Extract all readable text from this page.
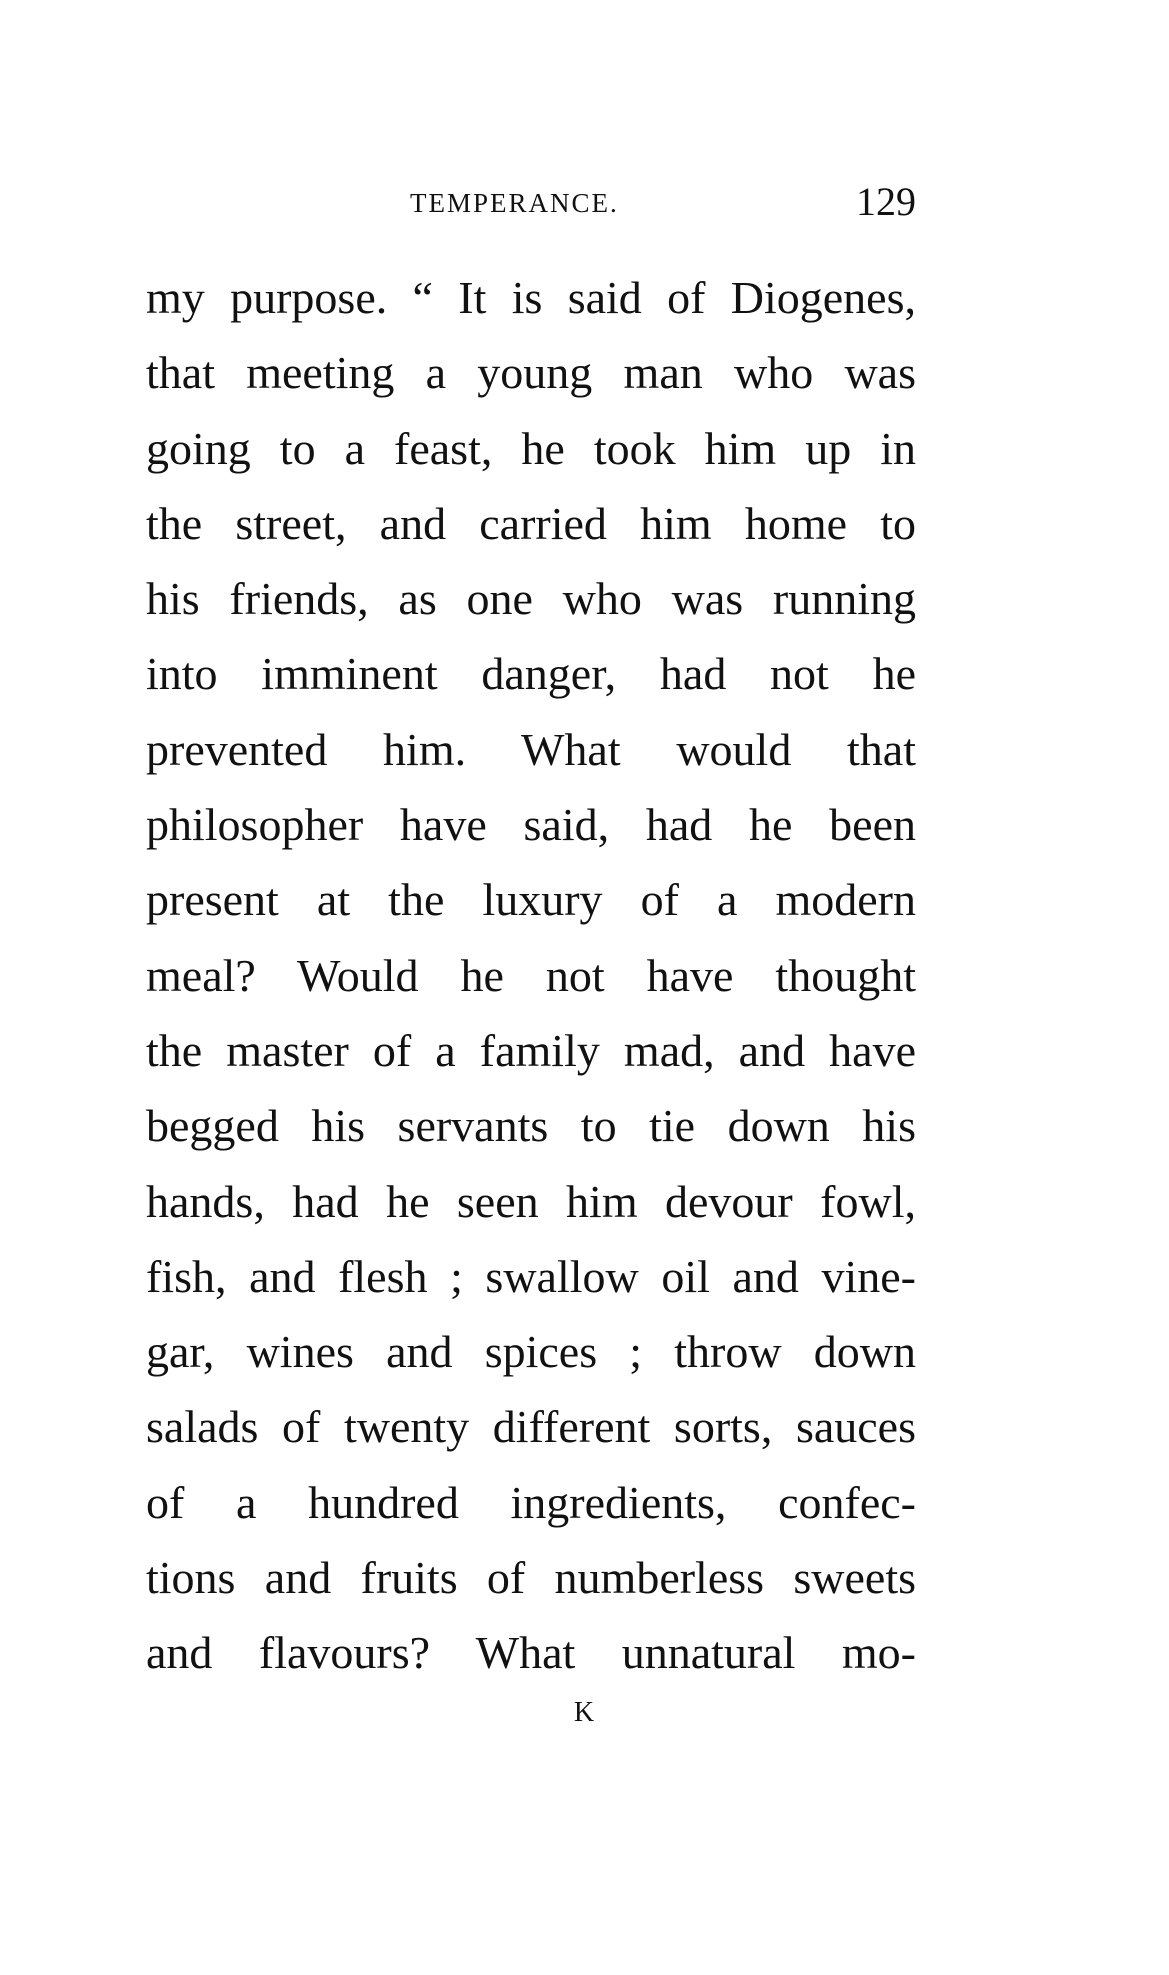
TEMPERANCE.	129
my purpose. “ It is said of Diogenes,
that meeting a young man who was
going to a feast, he took him up in
the street, and carried him home to
his friends, as one who was running
into imminent danger, had not he
prevented him. What would that
philosopher have said, had he been
present at the luxury of a modern
meal? Would he not have thought
the master of a family mad, and have
begged his servants to tie down his
hands, had he seen him devour fowl,
fish, and flesh ; swallow oil and vine-
gar, wines and spices ; throw down
salads of twenty different sorts, sauces
of a hundred ingredients, confec-
tions and fruits of numberless sweets
and flavours? What unnatural mo-
K
